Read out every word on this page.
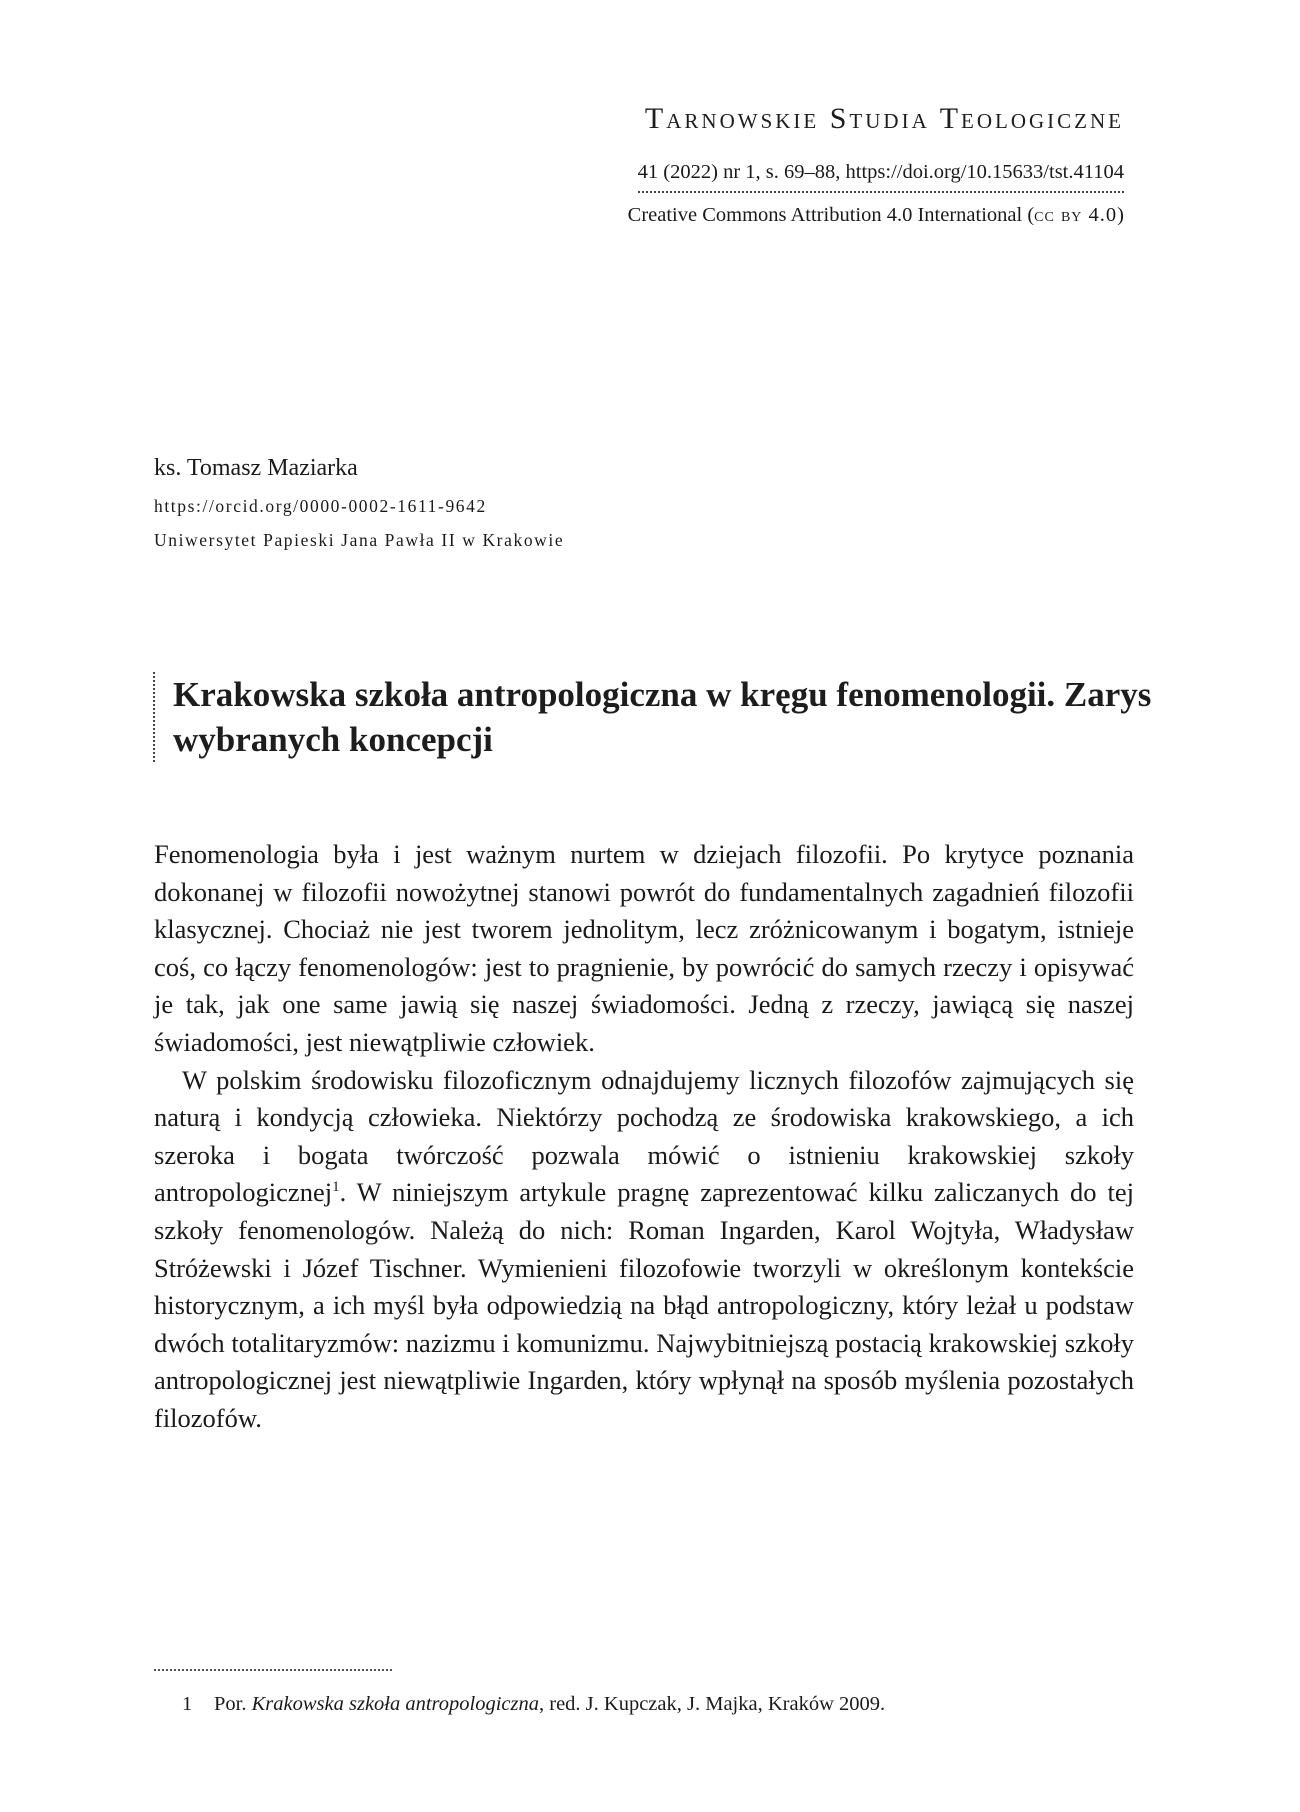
Tarnowskie Studia Teologiczne
41 (2022) nr 1, s. 69–88, https://doi.org/10.15633/tst.41104
Creative Commons Attribution 4.0 International (cc by 4.0)

ks. Tomasz Maziarka

https://orcid.org/0000-0002-1611-9642
Uniwersytet Papieski Jana Pawła II w Krakowie
Krakowska szkoła antropologiczna w kręgu fenomenologii. Zarys wybranych koncepcji

Fenomenologia była i jest ważnym nurtem w dziejach filozofii. Po krytyce poznania dokonanej w filozofii nowożytnej stanowi powrót do fundamentalnych zagadnień filozofii klasycznej. Chociaż nie jest tworem jednolitym, lecz zróżnicowanym i bogatym, istnieje coś, co łączy fenomenologów: jest to pragnienie, by powrócić do samych rzeczy i opisywać je tak, jak one same jawią się naszej świadomości. Jedną z rzeczy, jawiącą się naszej świadomości, jest niewątpliwie człowiek.

W polskim środowisku filozoficznym odnajdujemy licznych filozofów zajmujących się naturą i kondycją człowieka. Niektórzy pochodzą ze środowiska krakowskiego, a ich szeroka i bogata twórczość pozwala mówić o istnieniu krakowskiej szkoły antropologicznej$^1$. W niniejszym artykule pragnę zaprezentować kilku zaliczanych do tej szkoły fenomenologów. Należą do nich: Roman Ingarden, Karol Wojtyła, Władysław Stróżewski i Józef Tischner. Wymienieni filozofowie tworzyli w określonym kontekście historycznym, a ich myśl była odpowiedzią na błąd antropologiczny, który leżał u podstaw dwóch totalitaryzmów: nazizmu i komunizmu. Najwybitniejszą postacią krakowskiej szkoły antropologicznej jest niewątpliwie Ingarden, który wpłynął na sposób myślenia pozostałych filozofów.

1 Por. Krakowska szkoła antropologiczna, red. J. Kupczak, J. Majka, Kraków 2009.
